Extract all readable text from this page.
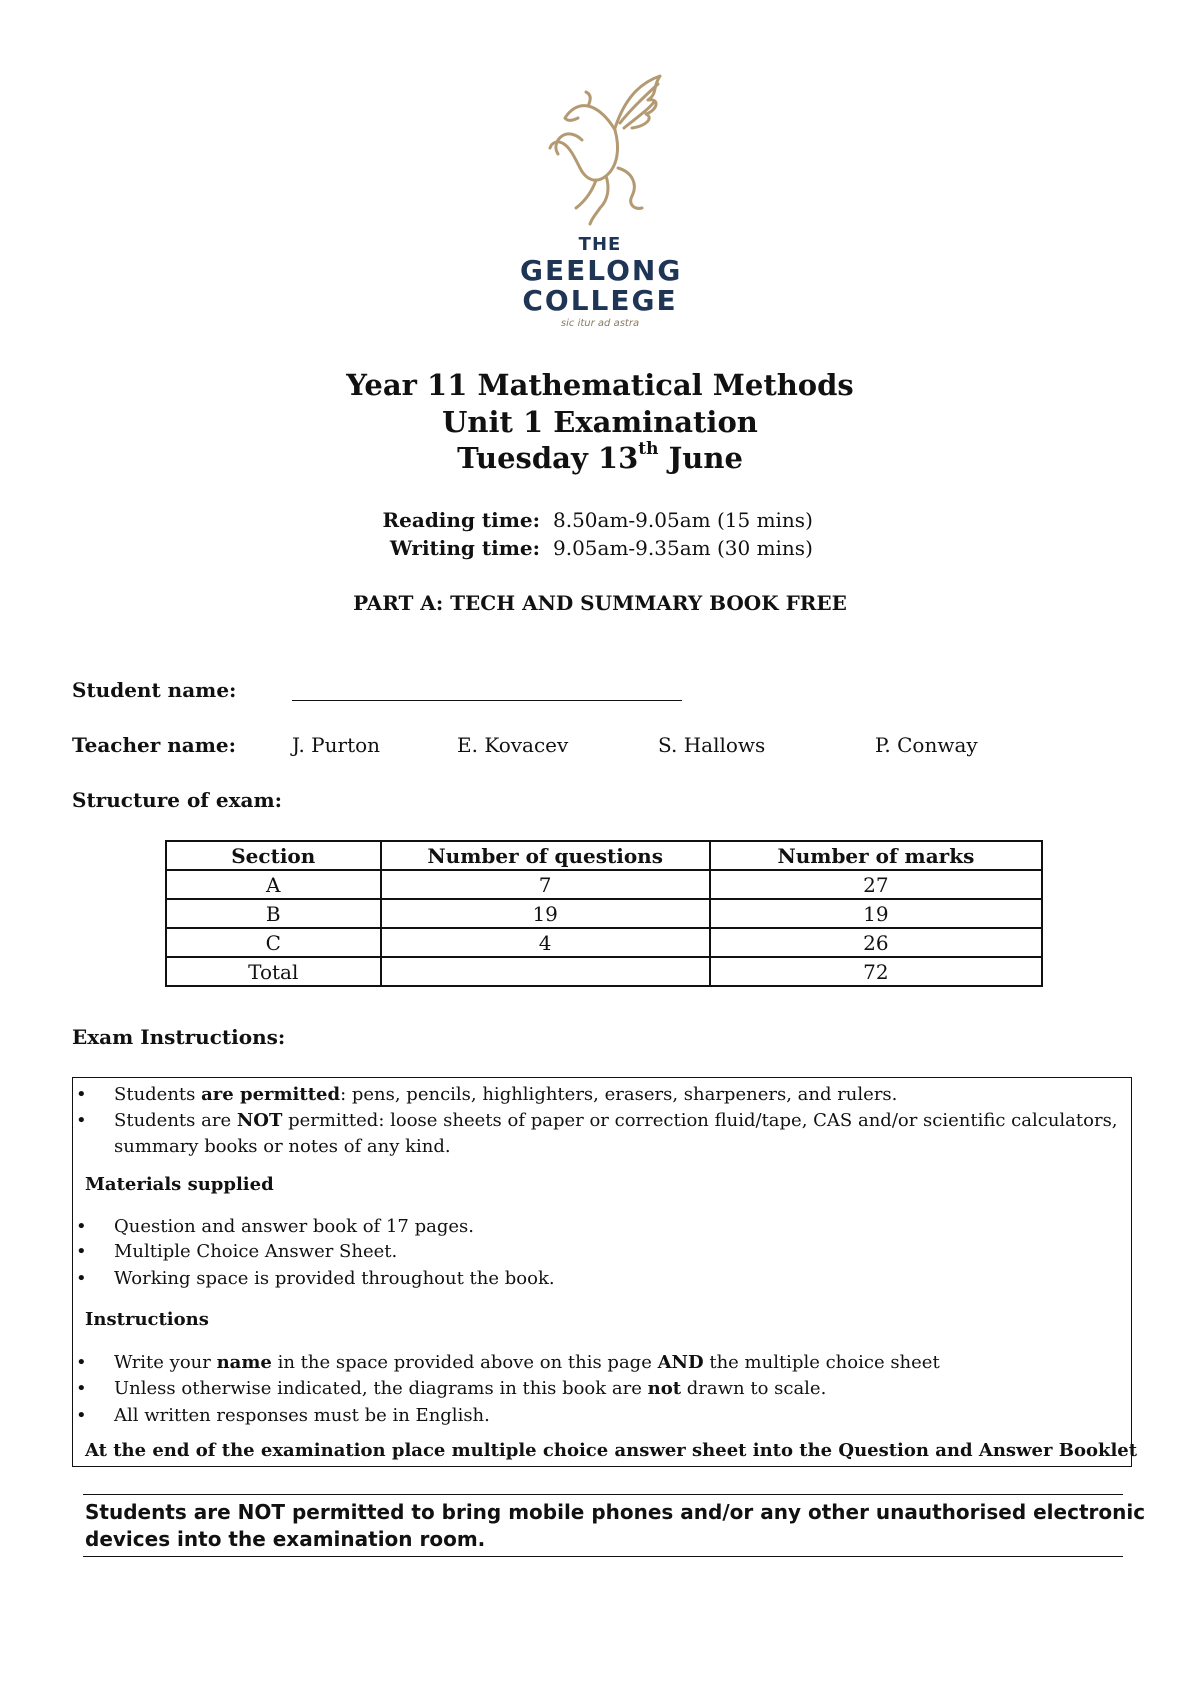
THE
GEELONG
COLLEGE
sic itur ad astra
Year 11 Mathematical Methods
Unit 1 Examination
Tuesday 13th June
Reading time: 8.50am-9.05am (15 mins)
Writing time: 9.05am-9.35am (30 mins)
PART A: TECH AND SUMMARY BOOK FREE
Student name:
Teacher name:	J. Purton	E. Kovacev	S. Hallows	P. Conway
Structure of exam:
Section	Number of questions	Number of marks
A	7	27
B	19	19
C	4	26
Total		72
Exam Instructions:
• Students are permitted: pens, pencils, highlighters, erasers, sharpeners, and rulers.
• Students are NOT permitted: loose sheets of paper or correction fluid/tape, CAS and/or scientific calculators,
summary books or notes of any kind.
Materials supplied
• Question and answer book of 17 pages.
• Multiple Choice Answer Sheet.
• Working space is provided throughout the book.
Instructions
• Write your name in the space provided above on this page AND the multiple choice sheet
• Unless otherwise indicated, the diagrams in this book are not drawn to scale.
• All written responses must be in English.
At the end of the examination place multiple choice answer sheet into the Question and Answer Booklet
Students are NOT permitted to bring mobile phones and/or any other unauthorised electronic
devices into the examination room.
